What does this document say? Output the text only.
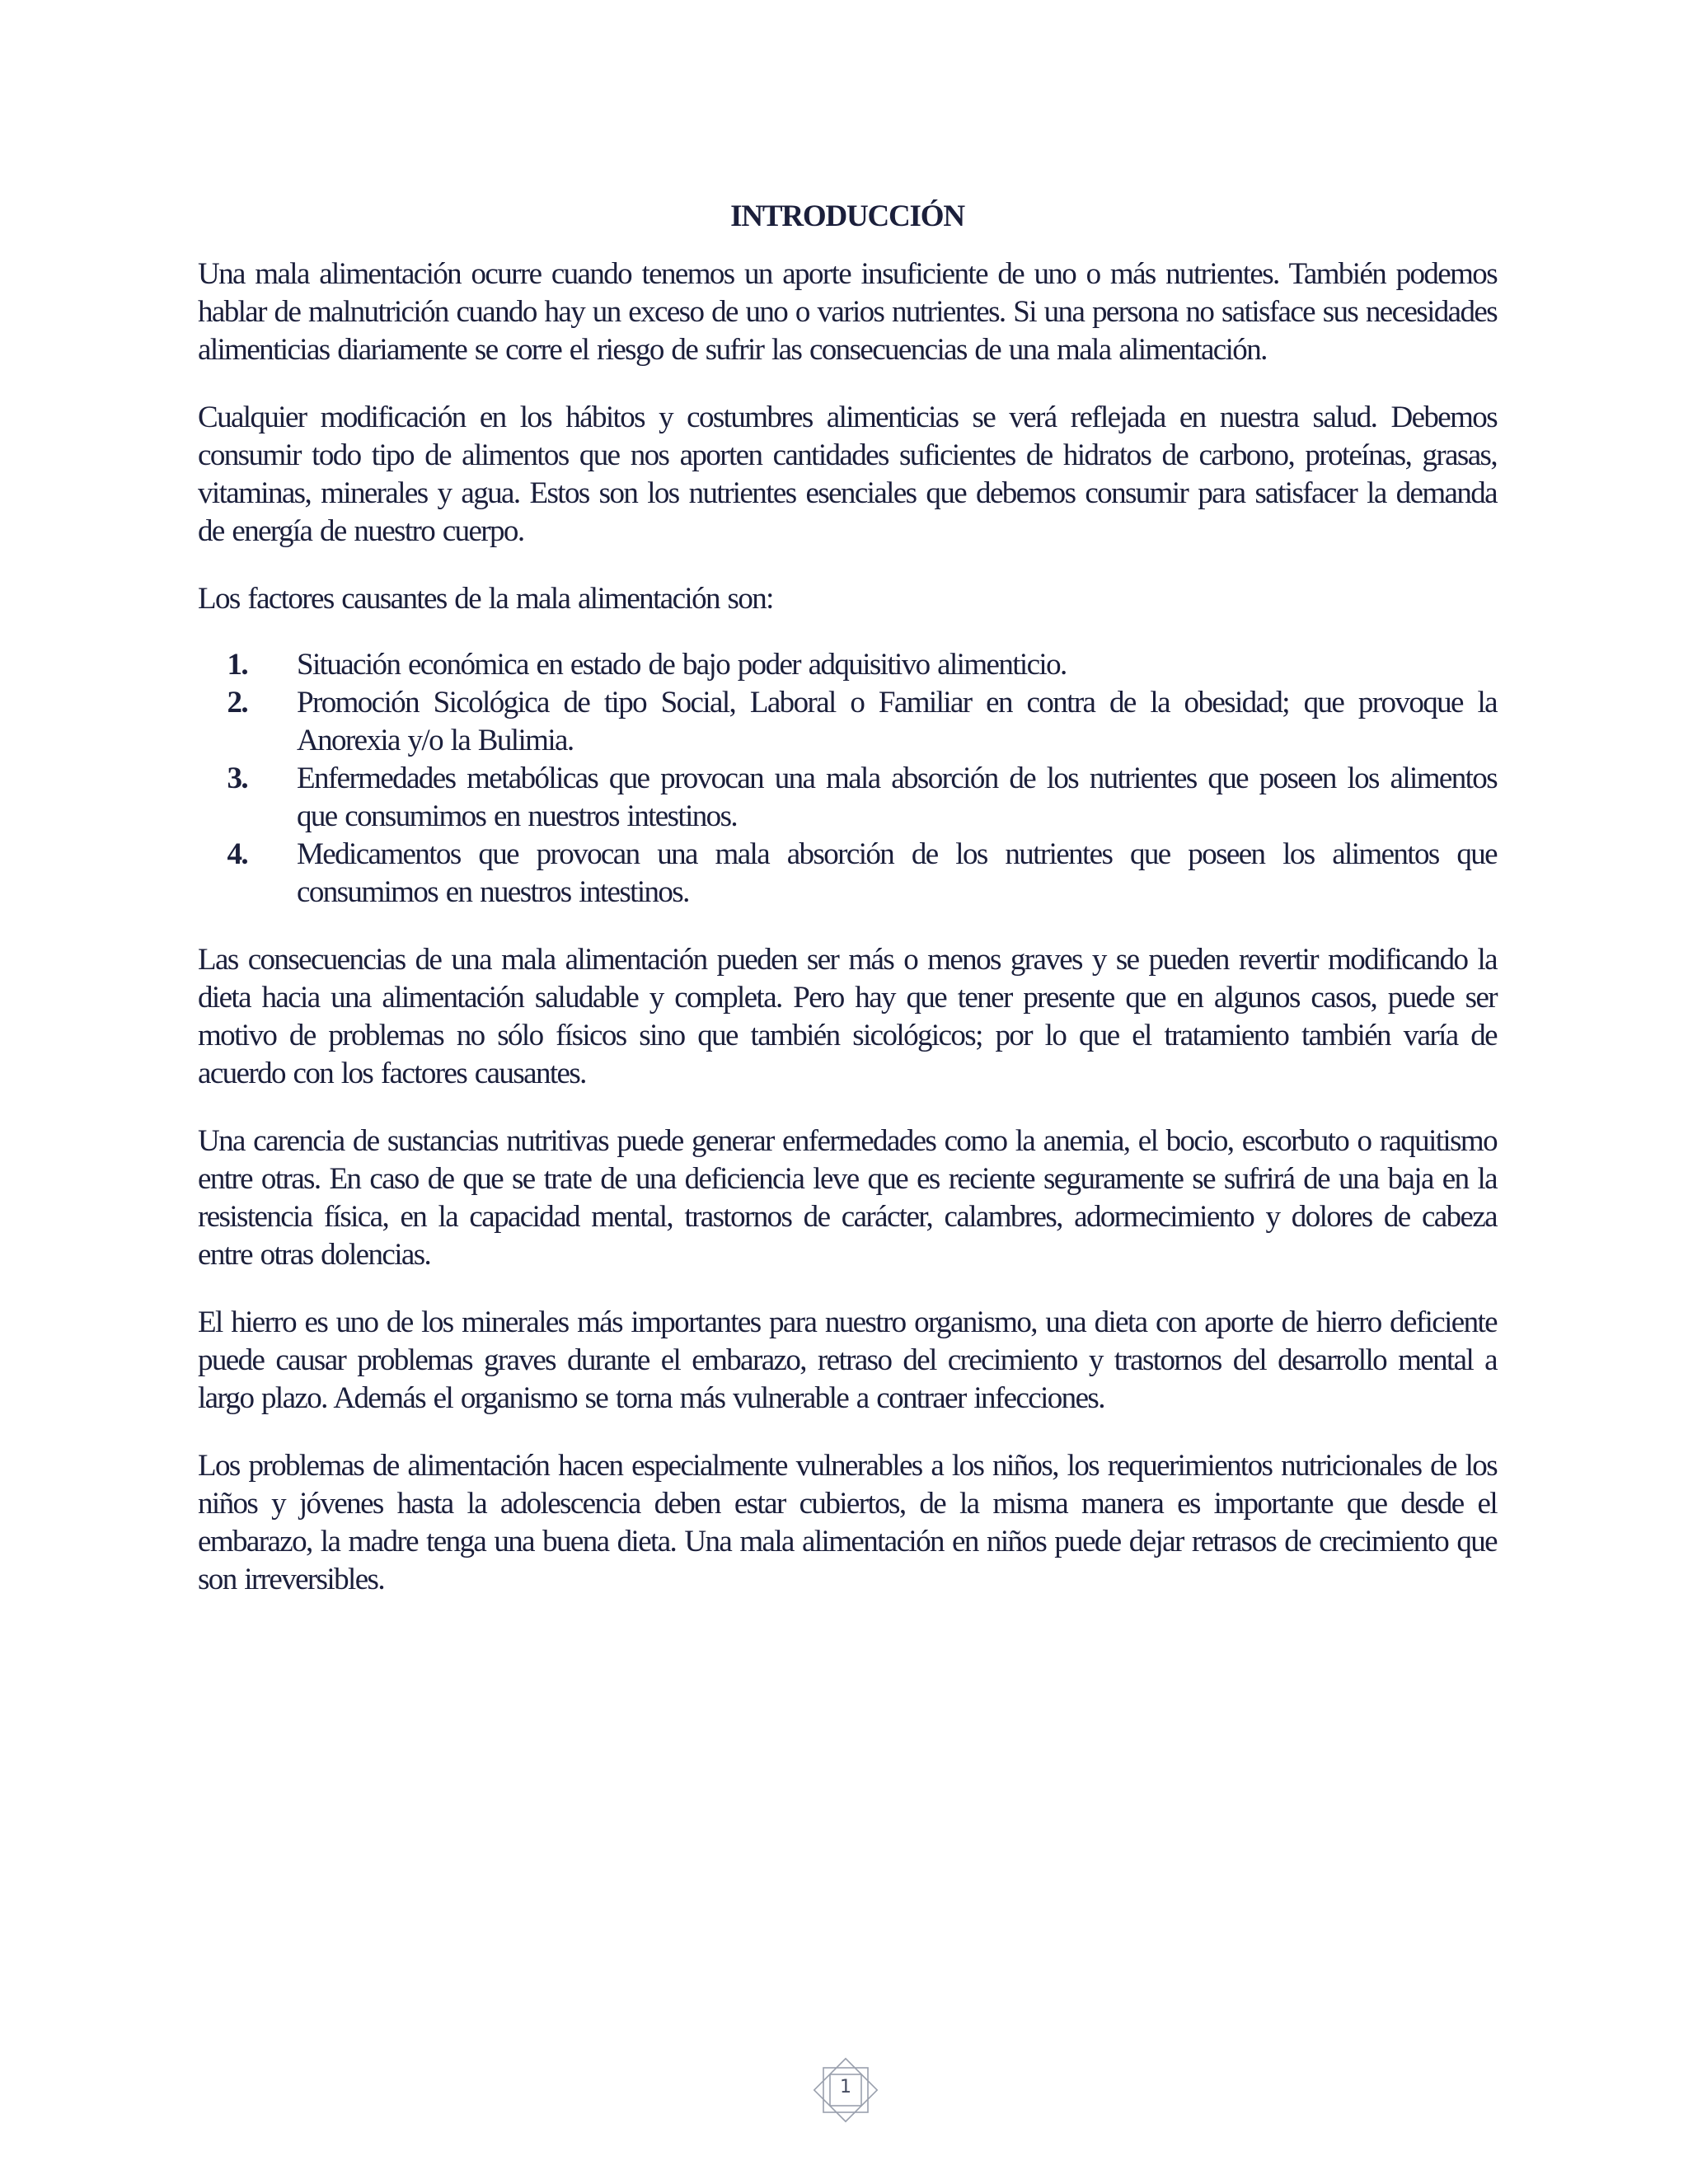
INTRODUCCIÓN

Una mala alimentación ocurre cuando tenemos un aporte insuficiente de uno o más nutrientes. También podemos hablar de malnutrición cuando hay un exceso de uno o varios nutrientes. Si una persona no satisface sus necesidades alimenticias diariamente se corre el riesgo de sufrir las consecuencias de una mala alimentación.

Cualquier modificación en los hábitos y costumbres alimenticias se verá reflejada en nuestra salud. Debemos consumir todo tipo de alimentos que nos aporten cantidades suficientes de hidratos de carbono, proteínas, grasas, vitaminas, minerales y agua. Estos son los nutrientes esenciales que debemos consumir para satisfacer la demanda de energía de nuestro cuerpo.

Los factores causantes de la mala alimentación son:

1.	Situación económica en estado de bajo poder adquisitivo alimenticio.
2.	Promoción Sicológica de tipo Social, Laboral o Familiar en contra de la obesidad; que provoque la Anorexia y/o la Bulimia.
3.	Enfermedades metabólicas que provocan una mala absorción de los nutrientes que poseen los alimentos que consumimos en nuestros intestinos.
4.	Medicamentos que provocan una mala absorción de los nutrientes que poseen los alimentos que consumimos en nuestros intestinos.

Las consecuencias de una mala alimentación pueden ser más o menos graves y se pueden revertir modificando la dieta hacia una alimentación saludable y completa. Pero hay que tener presente que en algunos casos, puede ser motivo de problemas no sólo físicos sino que también sicológicos; por lo que el tratamiento también varía de acuerdo con los factores causantes.

Una carencia de sustancias nutritivas puede generar enfermedades como la anemia, el bocio, escorbuto o raquitismo entre otras. En caso de que se trate de una deficiencia leve que es reciente seguramente se sufrirá de una baja en la resistencia física, en la capacidad mental, trastornos de carácter, calambres, adormecimiento y dolores de cabeza entre otras dolencias.

El hierro es uno de los minerales más importantes para nuestro organismo, una dieta con aporte de hierro deficiente puede causar problemas graves durante el embarazo, retraso del crecimiento y trastornos del desarrollo mental a largo plazo. Además el organismo se torna más vulnerable a contraer infecciones.

Los problemas de alimentación hacen especialmente vulnerables a los niños, los requerimientos nutricionales de los niños y jóvenes hasta la adolescencia deben estar cubiertos, de la misma manera es importante que desde el embarazo, la madre tenga una buena dieta. Una mala alimentación en niños puede dejar retrasos de crecimiento que son irreversibles.

1
